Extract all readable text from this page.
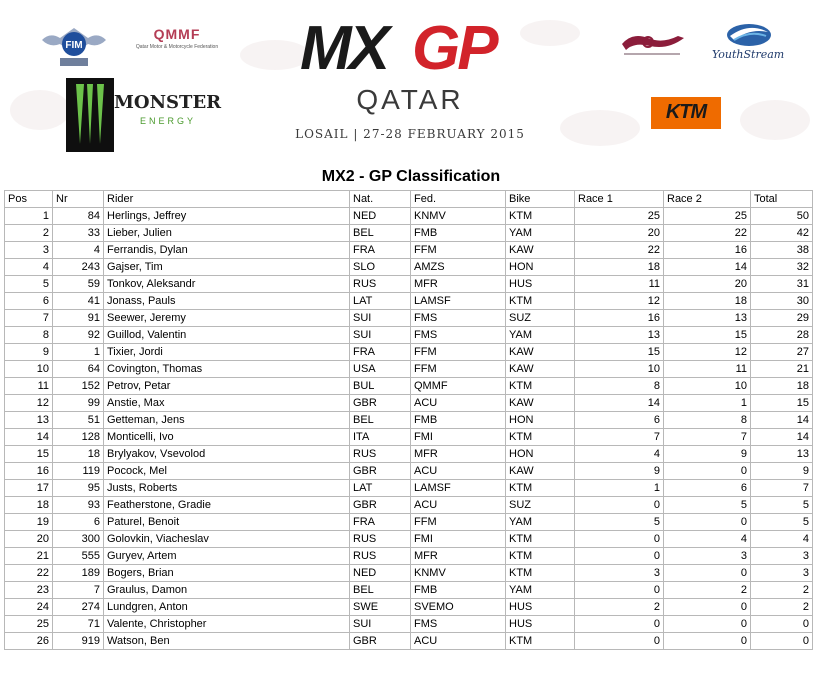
FIM
QMMF
Qatar Motor & Motorcycle Federation
MONSTER
ENERGY
MX GP
QATAR
LOSAIL | 27-28 FEBRUARY 2015
YouthStream
KTM
MX2 - GP Classification
Pos	Nr	Rider	Nat.	Fed.	Bike	Race 1	Race 2	Total
1	84	Herlings, Jeffrey	NED	KNMV	KTM	25	25	50
2	33	Lieber, Julien	BEL	FMB	YAM	20	22	42
3	4	Ferrandis, Dylan	FRA	FFM	KAW	22	16	38
4	243	Gajser, Tim	SLO	AMZS	HON	18	14	32
5	59	Tonkov, Aleksandr	RUS	MFR	HUS	11	20	31
6	41	Jonass, Pauls	LAT	LAMSF	KTM	12	18	30
7	91	Seewer, Jeremy	SUI	FMS	SUZ	16	13	29
8	92	Guillod, Valentin	SUI	FMS	YAM	13	15	28
9	1	Tixier, Jordi	FRA	FFM	KAW	15	12	27
10	64	Covington, Thomas	USA	FFM	KAW	10	11	21
11	152	Petrov, Petar	BUL	QMMF	KTM	8	10	18
12	99	Anstie, Max	GBR	ACU	KAW	14	1	15
13	51	Getteman, Jens	BEL	FMB	HON	6	8	14
14	128	Monticelli, Ivo	ITA	FMI	KTM	7	7	14
15	18	Brylyakov, Vsevolod	RUS	MFR	HON	4	9	13
16	119	Pocock, Mel	GBR	ACU	KAW	9	0	9
17	95	Justs, Roberts	LAT	LAMSF	KTM	1	6	7
18	93	Featherstone, Gradie	GBR	ACU	SUZ	0	5	5
19	6	Paturel, Benoit	FRA	FFM	YAM	5	0	5
20	300	Golovkin, Viacheslav	RUS	FMI	KTM	0	4	4
21	555	Guryev, Artem	RUS	MFR	KTM	0	3	3
22	189	Bogers, Brian	NED	KNMV	KTM	3	0	3
23	7	Graulus, Damon	BEL	FMB	YAM	0	2	2
24	274	Lundgren, Anton	SWE	SVEMO	HUS	2	0	2
25	71	Valente, Christopher	SUI	FMS	HUS	0	0	0
26	919	Watson, Ben	GBR	ACU	KTM	0	0	0
